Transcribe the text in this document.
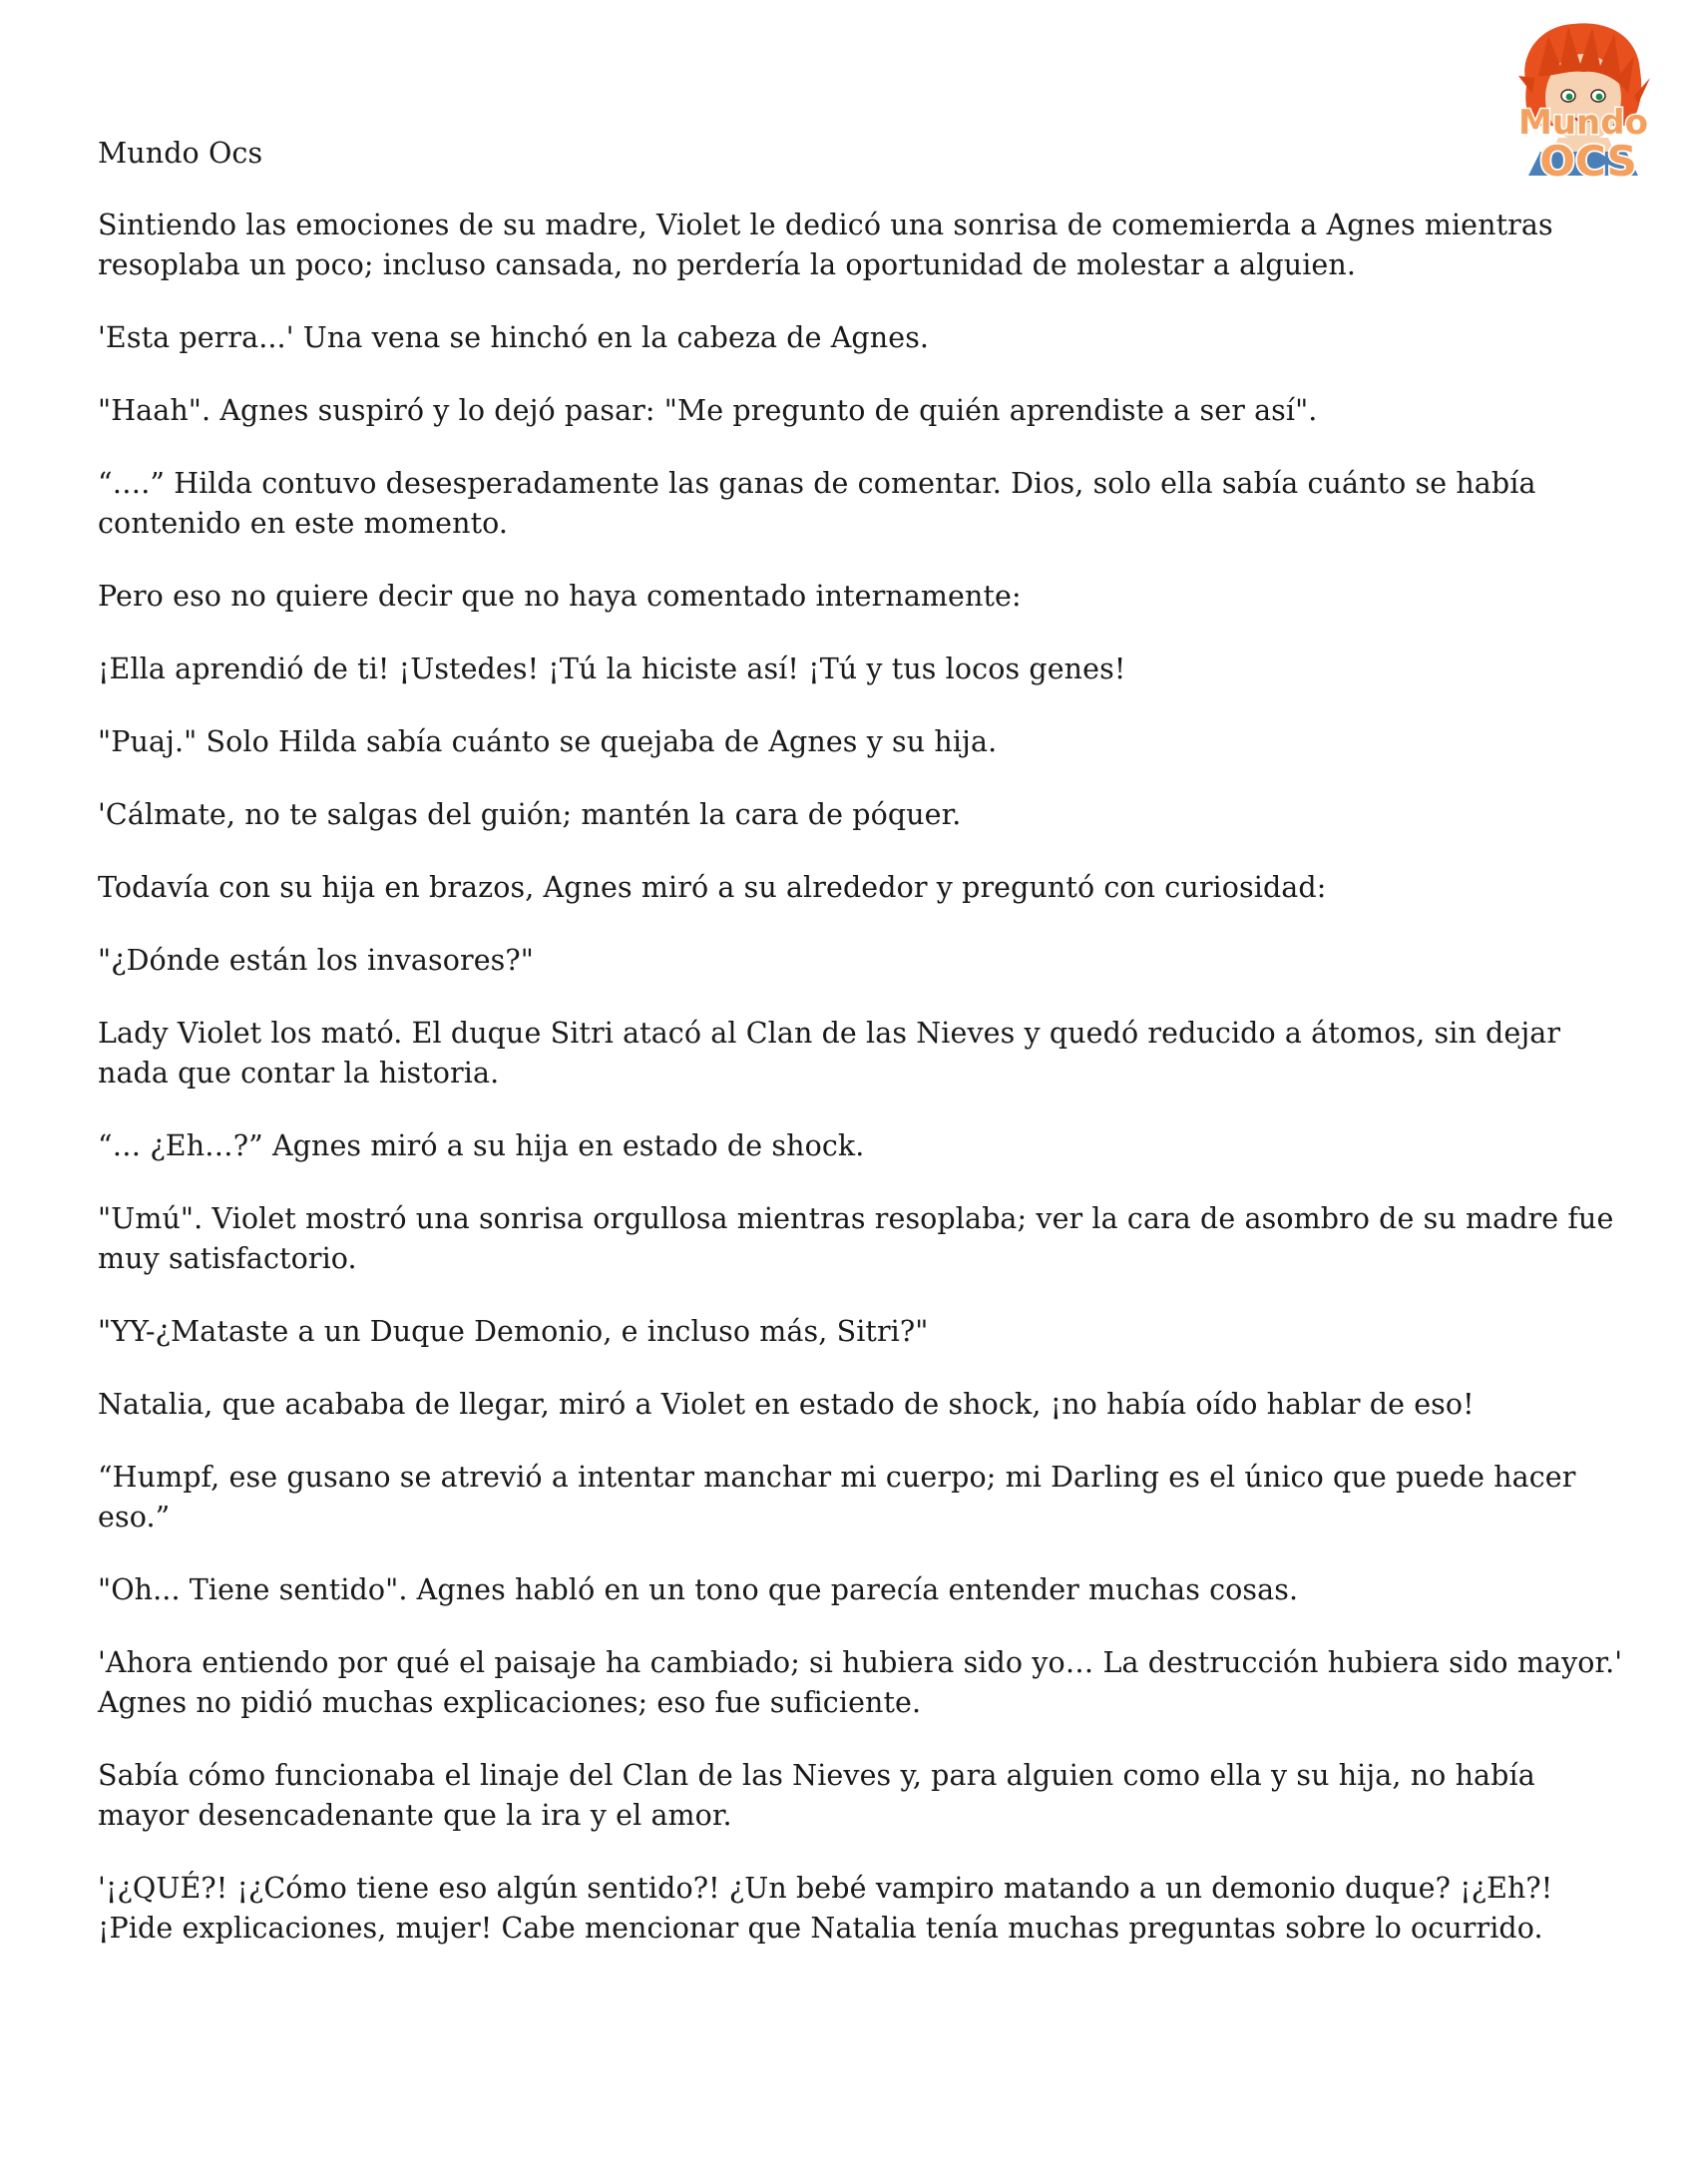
Mundo
OCS
Mundo Ocs

Sintiendo las emociones de su madre, Violet le dedicó una sonrisa de comemierda a Agnes mientras resoplaba un poco; incluso cansada, no perdería la oportunidad de molestar a alguien.

'Esta perra...' Una vena se hinchó en la cabeza de Agnes.

"Haah". Agnes suspiró y lo dejó pasar: "Me pregunto de quién aprendiste a ser así".

“….” Hilda contuvo desesperadamente las ganas de comentar. Dios, solo ella sabía cuánto se había contenido en este momento.

Pero eso no quiere decir que no haya comentado internamente:

¡Ella aprendió de ti! ¡Ustedes! ¡Tú la hiciste así! ¡Tú y tus locos genes!

"Puaj." Solo Hilda sabía cuánto se quejaba de Agnes y su hija.

'Cálmate, no te salgas del guión; mantén la cara de póquer.

Todavía con su hija en brazos, Agnes miró a su alrededor y preguntó con curiosidad:

"¿Dónde están los invasores?"

Lady Violet los mató. El duque Sitri atacó al Clan de las Nieves y quedó reducido a átomos, sin dejar nada que contar la historia.

“… ¿Eh…?” Agnes miró a su hija en estado de shock.

"Umú". Violet mostró una sonrisa orgullosa mientras resoplaba; ver la cara de asombro de su madre fue muy satisfactorio.

"YY-¿Mataste a un Duque Demonio, e incluso más, Sitri?"

Natalia, que acababa de llegar, miró a Violet en estado de shock, ¡no había oído hablar de eso!

“Humpf, ese gusano se atrevió a intentar manchar mi cuerpo; mi Darling es el único que puede hacer eso.”

"Oh... Tiene sentido". Agnes habló en un tono que parecía entender muchas cosas.

'Ahora entiendo por qué el paisaje ha cambiado; si hubiera sido yo… La destrucción hubiera sido mayor.' Agnes no pidió muchas explicaciones; eso fue suficiente.

Sabía cómo funcionaba el linaje del Clan de las Nieves y, para alguien como ella y su hija, no había mayor desencadenante que la ira y el amor.

'¡¿QUÉ?! ¡¿Cómo tiene eso algún sentido?! ¿Un bebé vampiro matando a un demonio duque? ¡¿Eh?! ¡Pide explicaciones, mujer! Cabe mencionar que Natalia tenía muchas preguntas sobre lo ocurrido.
